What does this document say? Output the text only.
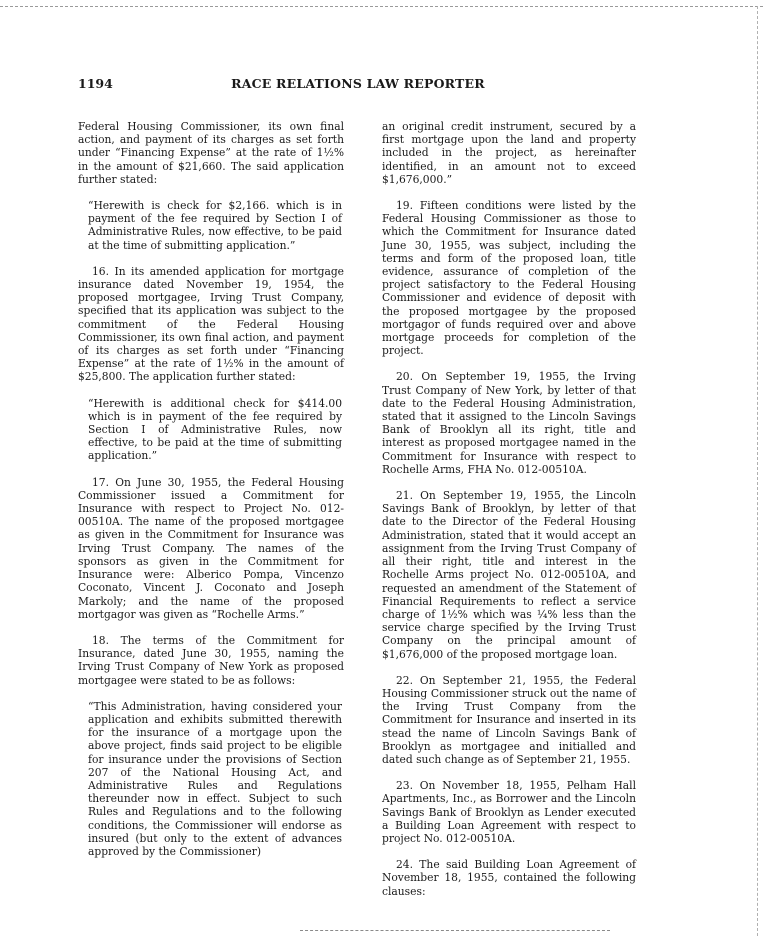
1194	RACE RELATIONS LAW REPORTER

Federal Housing Commissioner, its own final action, and payment of its charges as set forth under “Financing Expense” at the rate of 1½% in the amount of $21,660. The said application further stated:

“Herewith is check for $2,166. which is in payment of the fee required by Section I of Administrative Rules, now effective, to be paid at the time of submitting application.”

16. In its amended application for mortgage insurance dated November 19, 1954, the proposed mortgagee, Irving Trust Company, specified that its application was subject to the commitment of the Federal Housing Commissioner, its own final action, and payment of its charges as set forth under “Financing Expense” at the rate of 1½% in the amount of $25,800. The application further stated:

“Herewith is additional check for $414.00 which is in payment of the fee required by Section I of Administrative Rules, now effective, to be paid at the time of submitting application.”

17. On June 30, 1955, the Federal Housing Commissioner issued a Commitment for Insurance with respect to Project No. 012-00510A. The name of the proposed mortgagee as given in the Commitment for Insurance was Irving Trust Company. The names of the sponsors as given in the Commitment for Insurance were: Alberico Pompa, Vincenzo Coconato, Vincent J. Coconato and Joseph Markoly; and the name of the proposed mortgagor was given as “Rochelle Arms.”

18. The terms of the Commitment for Insurance, dated June 30, 1955, naming the Irving Trust Company of New York as proposed mortgagee were stated to be as follows:

“This Administration, having considered your application and exhibits submitted therewith for the insurance of a mortgage upon the above project, finds said project to be eligible for insurance under the provisions of Section 207 of the National Housing Act, and Administrative Rules and Regulations thereunder now in effect. Subject to such Rules and Regulations and to the following conditions, the Commissioner will endorse as insured (but only to the extent of advances approved by the Commissioner)

an original credit instrument, secured by a first mortgage upon the land and property included in the project, as hereinafter identified, in an amount not to exceed $1,676,000.”

19. Fifteen conditions were listed by the Federal Housing Commissioner as those to which the Commitment for Insurance dated June 30, 1955, was subject, including the terms and form of the proposed loan, title evidence, assurance of completion of the project satisfactory to the Federal Housing Commissioner and evidence of deposit with the proposed mortgagee by the proposed mortgagor of funds required over and above mortgage proceeds for completion of the project.

20. On September 19, 1955, the Irving Trust Company of New York, by letter of that date to the Federal Housing Administration, stated that it assigned to the Lincoln Savings Bank of Brooklyn all its right, title and interest as proposed mortgagee named in the Commitment for Insurance with respect to Rochelle Arms, FHA No. 012-00510A.

21. On September 19, 1955, the Lincoln Savings Bank of Brooklyn, by letter of that date to the Director of the Federal Housing Administration, stated that it would accept an assignment from the Irving Trust Company of all their right, title and interest in the Rochelle Arms project No. 012-00510A, and requested an amendment of the Statement of Financial Requirements to reflect a service charge of 1½% which was ¼% less than the service charge specified by the Irving Trust Company on the principal amount of $1,676,000 of the proposed mortgage loan.

22. On September 21, 1955, the Federal Housing Commissioner struck out the name of the Irving Trust Company from the Commitment for Insurance and inserted in its stead the name of Lincoln Savings Bank of Brooklyn as mortgagee and initialled and dated such change as of September 21, 1955.

23. On November 18, 1955, Pelham Hall Apartments, Inc., as Borrower and the Lincoln Savings Bank of Brooklyn as Lender executed a Building Loan Agreement with respect to project No. 012-00510A.

24. The said Building Loan Agreement of November 18, 1955, contained the following clauses:
